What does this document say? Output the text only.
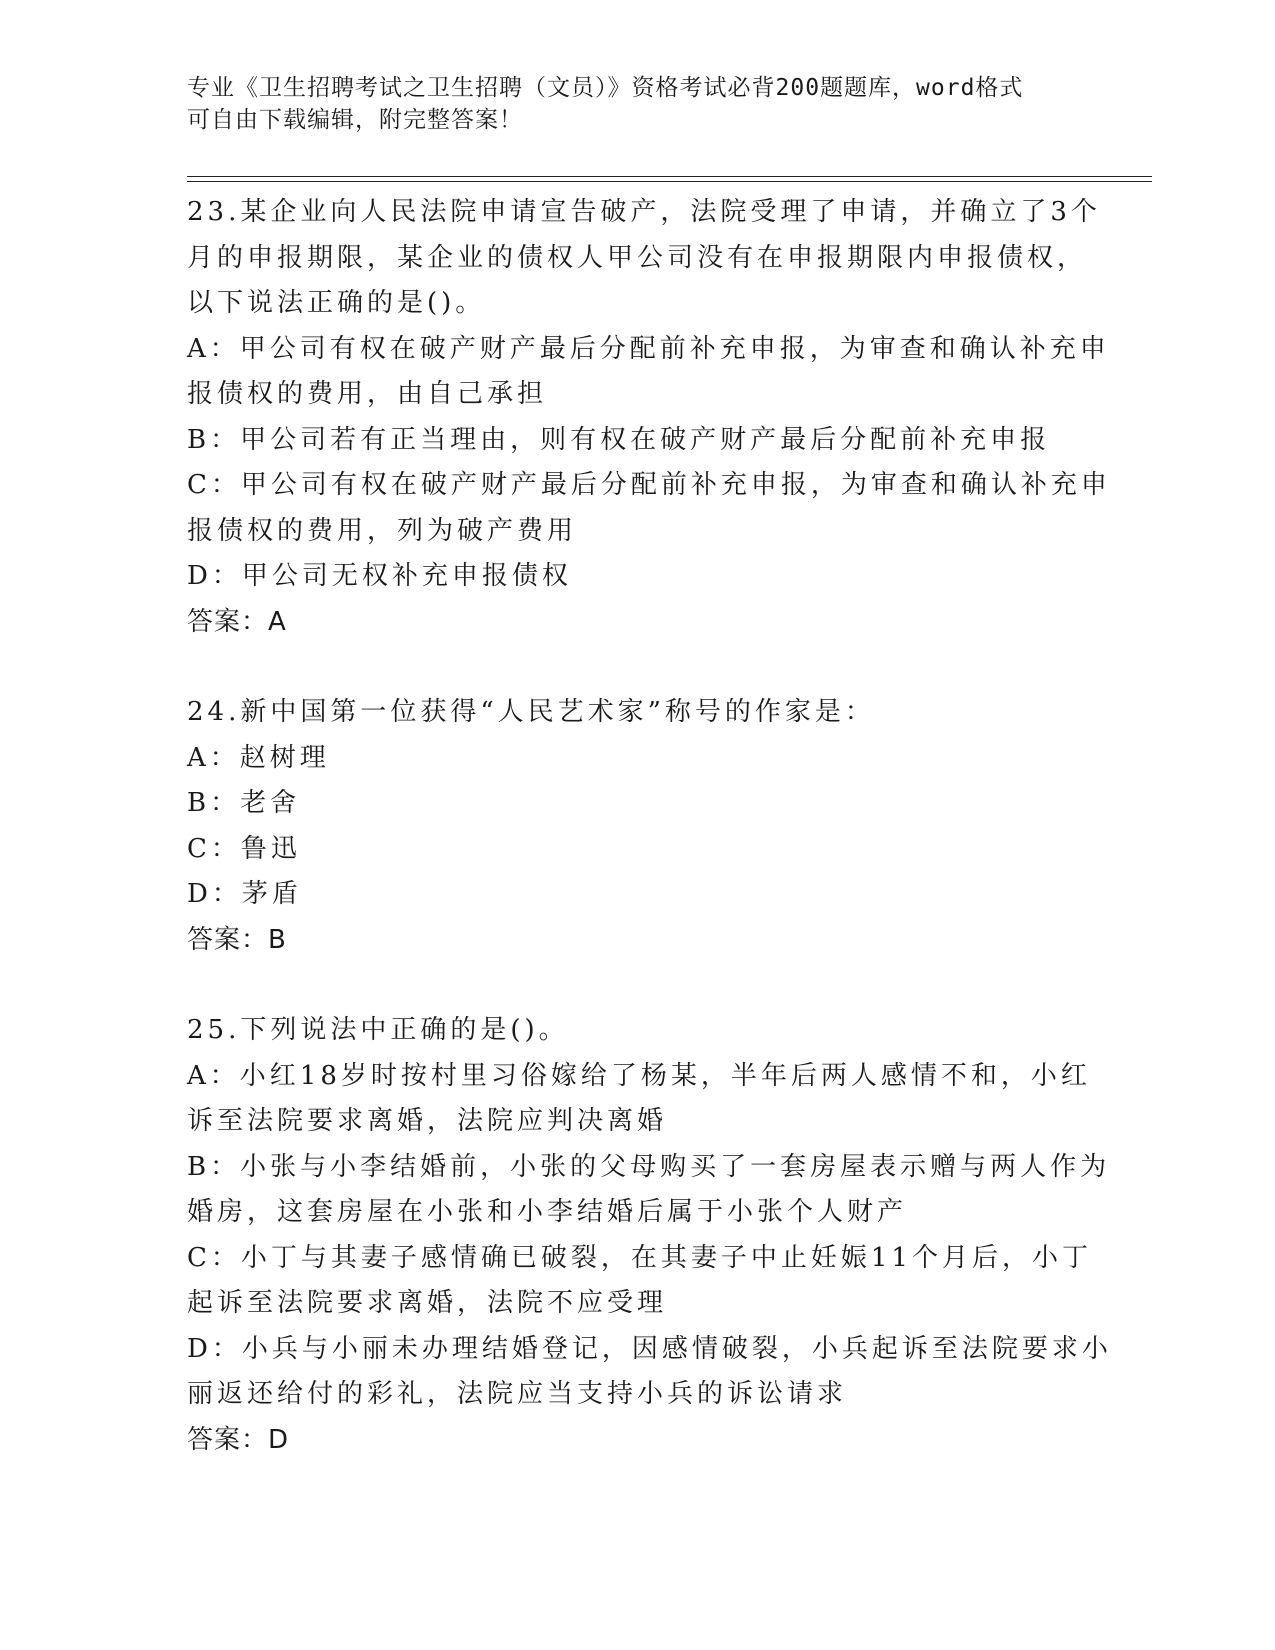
专业《卫生招聘考试之卫生招聘（文员）》资格考试必背200题题库，word格式
可自由下载编辑，附完整答案！
23.某企业向人民法院申请宣告破产，法院受理了申请，并确立了3个
月的申报期限，某企业的债权人甲公司没有在申报期限内申报债权，
以下说法正确的是()。
A：甲公司有权在破产财产最后分配前补充申报，为审查和确认补充申
报债权的费用，由自己承担
B：甲公司若有正当理由，则有权在破产财产最后分配前补充申报
C：甲公司有权在破产财产最后分配前补充申报，为审查和确认补充申
报债权的费用，列为破产费用
D：甲公司无权补充申报债权
答案：A
24.新中国第一位获得“人民艺术家”称号的作家是：
A：赵树理
B：老舍
C：鲁迅
D：茅盾
答案：B
25.下列说法中正确的是()。
A：小红18岁时按村里习俗嫁给了杨某，半年后两人感情不和，小红
诉至法院要求离婚，法院应判决离婚
B：小张与小李结婚前，小张的父母购买了一套房屋表示赠与两人作为
婚房，这套房屋在小张和小李结婚后属于小张个人财产
C：小丁与其妻子感情确已破裂，在其妻子中止妊娠11个月后，小丁
起诉至法院要求离婚，法院不应受理
D：小兵与小丽未办理结婚登记，因感情破裂，小兵起诉至法院要求小
丽返还给付的彩礼，法院应当支持小兵的诉讼请求
答案：D
